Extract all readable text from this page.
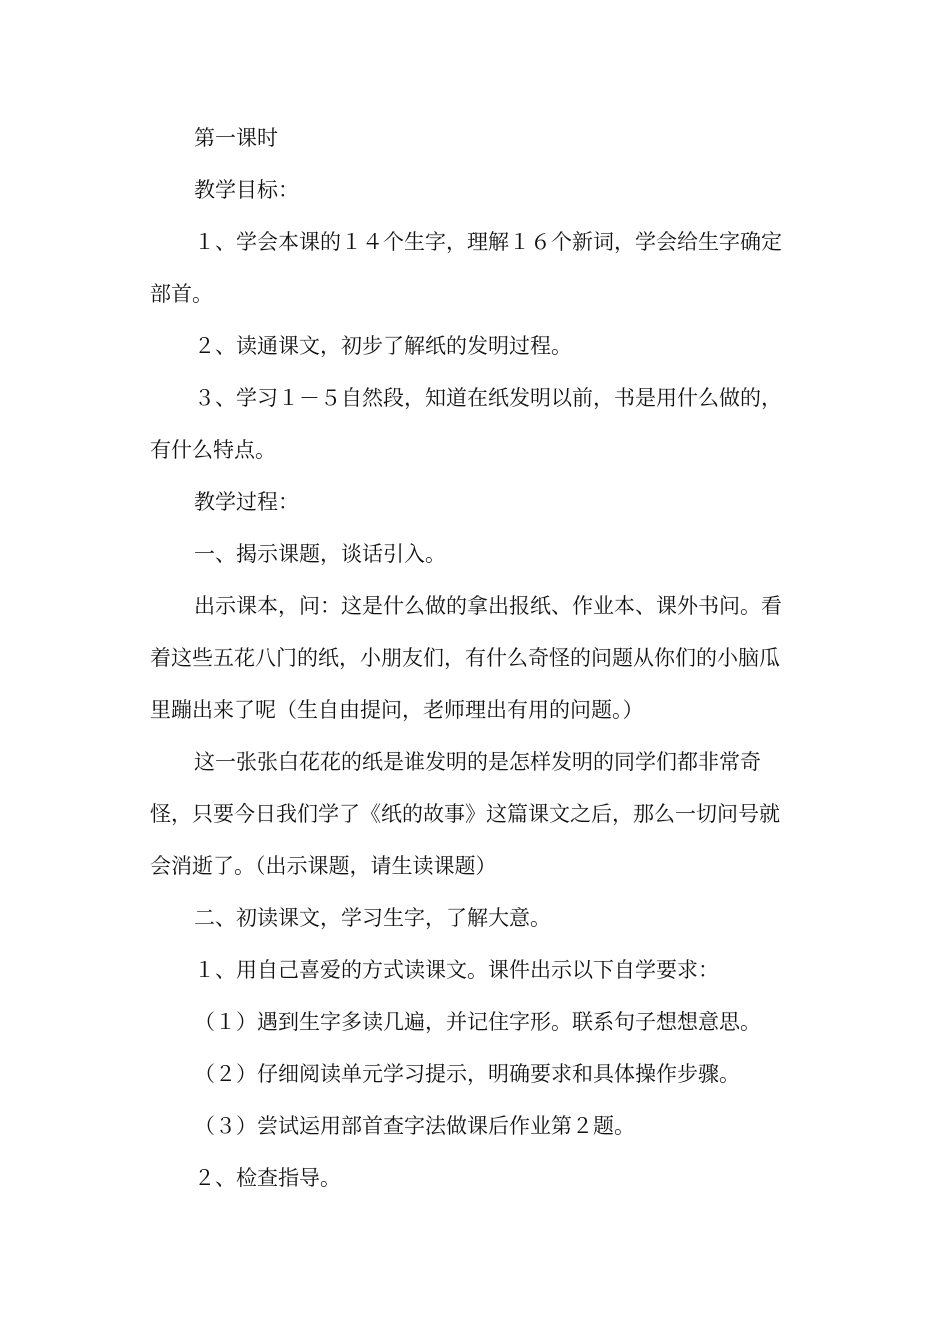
第一课时

教学目标：

１、学会本课的１４个生字，理解１６个新词，学会给生字确定部首。

２、读通课文，初步了解纸的发明过程。

３、学习１－５自然段，知道在纸发明以前，书是用什么做的，有什么特点。

教学过程：

一、揭示课题，谈话引入。

出示课本，问：这是什么做的拿出报纸、作业本、课外书问。看着这些五花八门的纸，小朋友们，有什么奇怪的问题从你们的小脑瓜里蹦出来了呢（生自由提问，老师理出有用的问题。）

这一张张白花花的纸是谁发明的是怎样发明的同学们都非常奇怪，只要今日我们学了《纸的故事》这篇课文之后，那么一切问号就会消逝了。（出示课题，请生读课题）

二、初读课文，学习生字，了解大意。

１、用自己喜爱的方式读课文。课件出示以下自学要求：

（１）遇到生字多读几遍，并记住字形。联系句子想想意思。

（２）仔细阅读单元学习提示，明确要求和具体操作步骤。

（３）尝试运用部首查字法做课后作业第２题。

２、检查指导。
